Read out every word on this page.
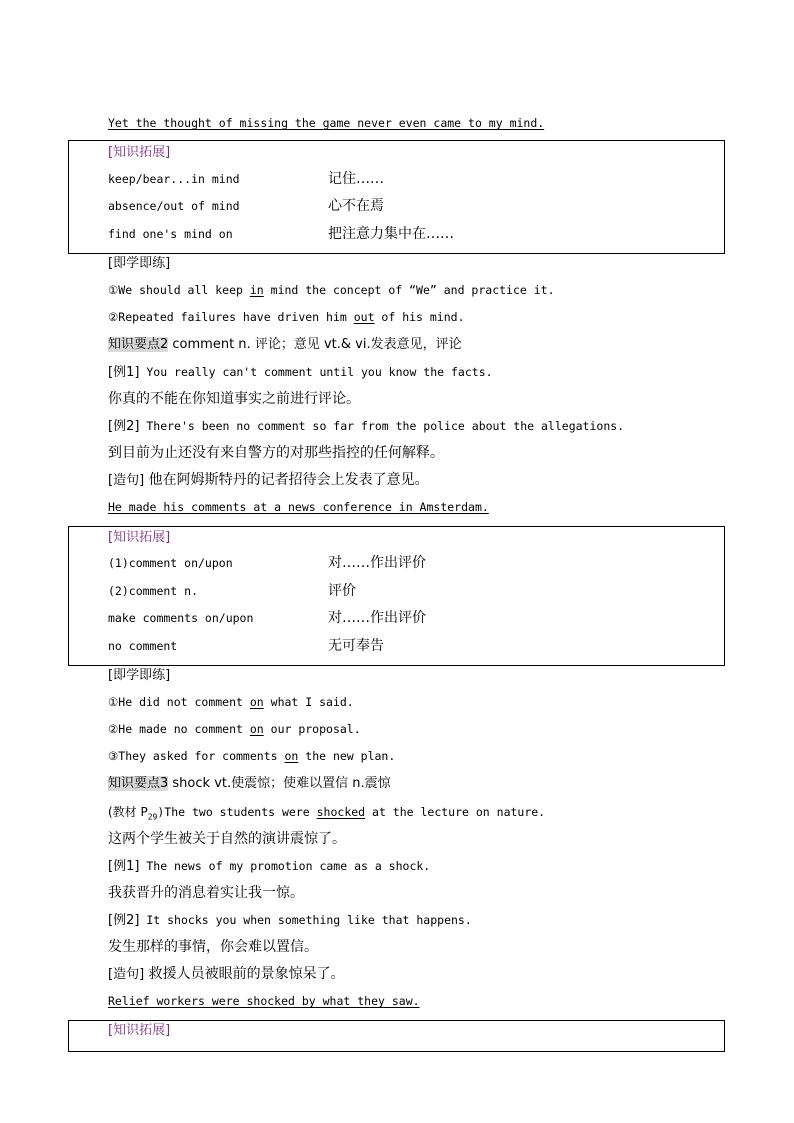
Yet the thought of missing the game never even came to my mind.
[知识拓展]
keep/bear...in mind	记住……
absence/out of mind	心不在焉
find one's mind on	把注意力集中在……
[即学即练]
①We should all keep in mind the concept of “We” and practice it.
②Repeated failures have driven him out of his mind.
知识要点2 comment n. 评论；意见 vt.& vi.发表意见，评论
[例1] You really can't comment until you know the facts.
你真的不能在你知道事实之前进行评论。
[例2] There's been no comment so far from the police about the allegations.
到目前为止还没有来自警方的对那些指控的任何解释。
[造句] 他在阿姆斯特丹的记者招待会上发表了意见。
He made his comments at a news conference in Amsterdam.
[知识拓展]
(1)comment on/upon	对……作出评价
(2)comment n.	评价
make comments on/upon	对……作出评价
no comment	无可奉告
[即学即练]
①He did not comment on what I said.
②He made no comment on our proposal.
③They asked for comments on the new plan.
知识要点3 shock vt.使震惊；使难以置信 n.震惊
(教材 $P_{29})The$ two students were shocked at the lecture on nature.
这两个学生被关于自然的演讲震惊了。
[例1] The news of my promotion came as a shock.
我获晋升的消息着实让我一惊。
[例2] It shocks you when something like that happens.
发生那样的事情，你会难以置信。
[造句] 救援人员被眼前的景象惊呆了。
Relief workers were shocked by what they saw.
[知识拓展]
